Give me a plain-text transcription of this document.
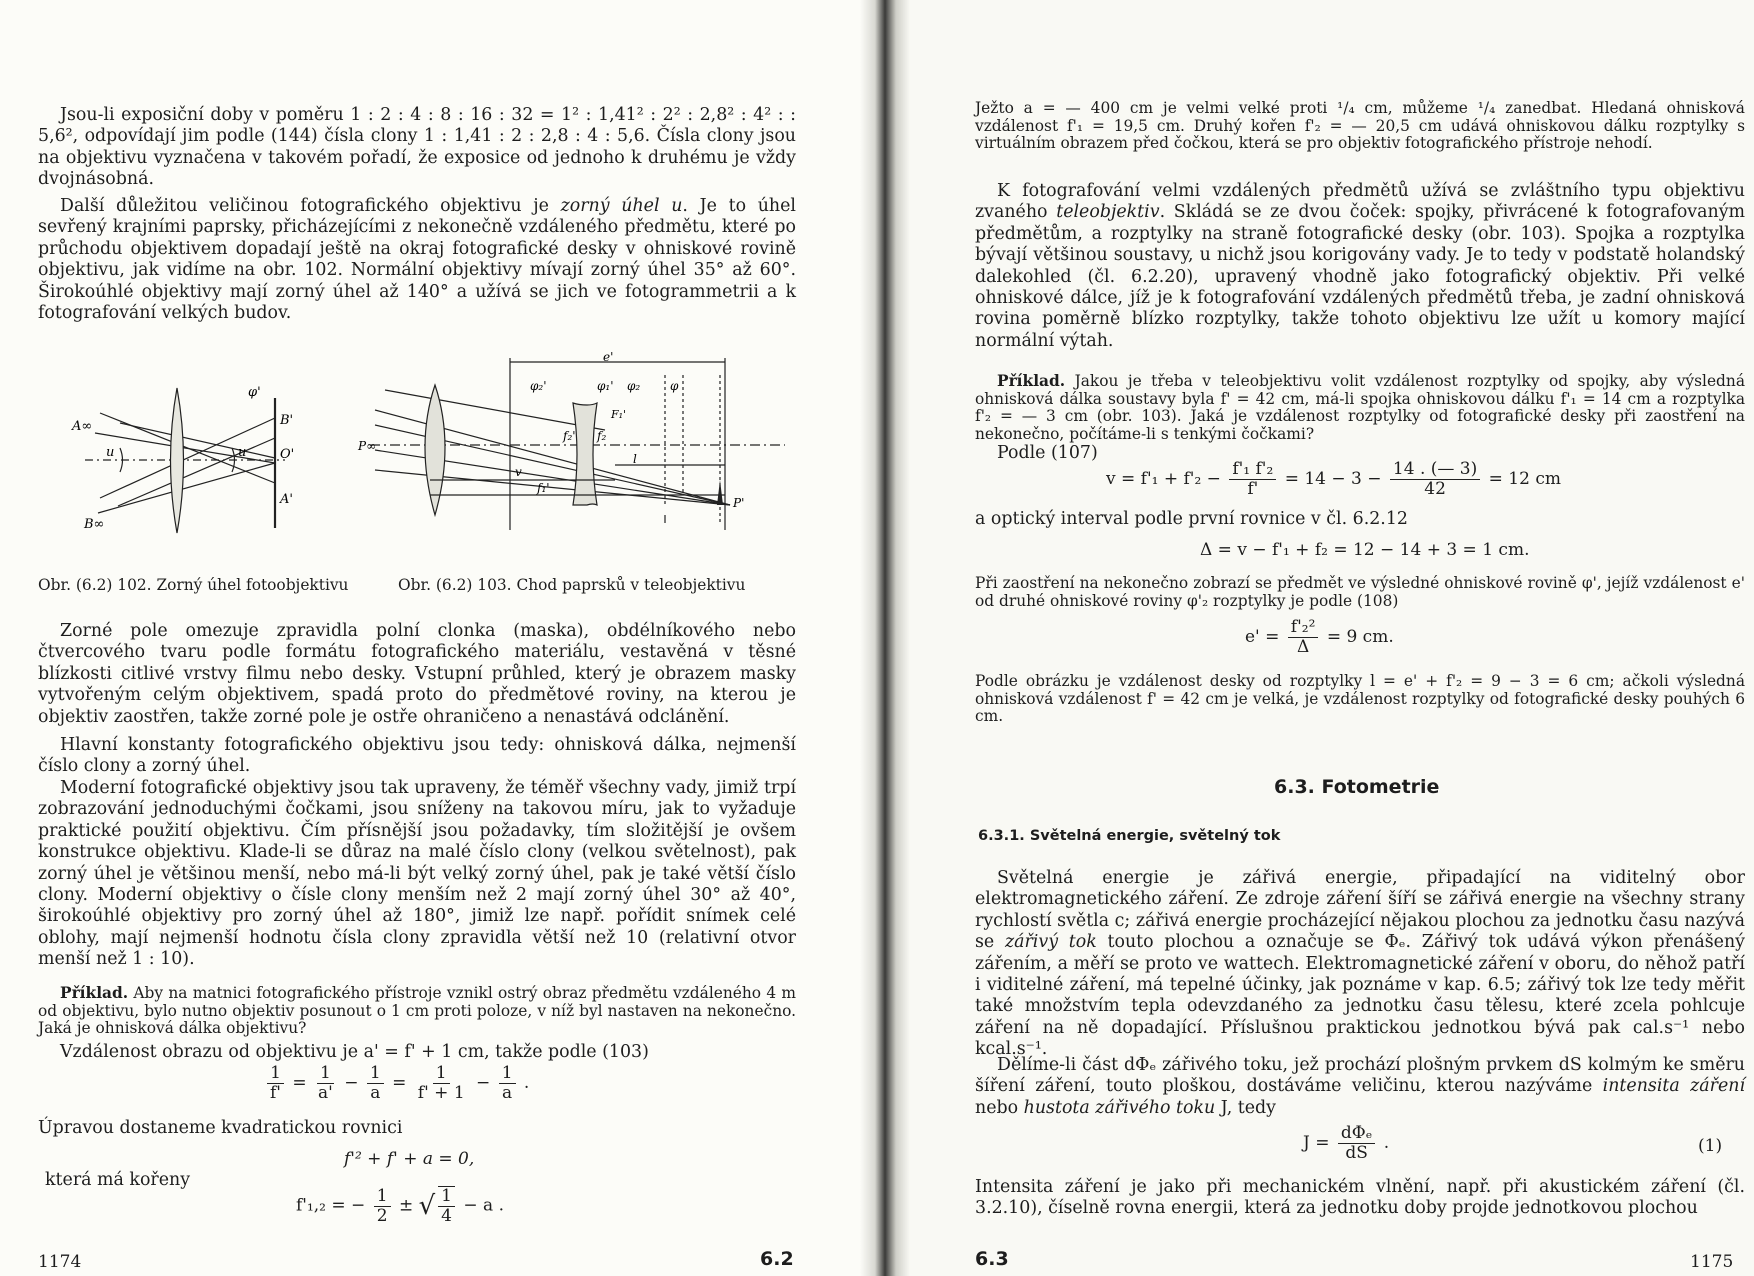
Jsou-li exposiční doby v poměru 1 : 2 : 4 : 8 : 16 : 32 = 1² : 1,41² : 2² : 2,8² : 4² : : 5,6², odpovídají jim podle (144) čísla clony 1 : 1,41 : 2 : 2,8 : 4 : 5,6. Čísla clony jsou na objektivu vyznačena v takovém pořadí, že exposice od jednoho k druhému je vždy dvojnásobná.

Další důležitou veličinou fotografického objektivu je zorný úhel u. Je to úhel sevřený krajními paprsky, přicházejícími z nekonečně vzdáleného předmětu, které po průchodu objektivem dopadají ještě na okraj fotografické desky v ohniskové rovině objektivu, jak vidíme na obr. 102. Normální objektivy mívají zorný úhel 35° až 60°. Širokoúhlé objektivy mají zorný úhel až 140° a užívá se jich ve fotogrammetrii a k fotografování velkých budov.

A∞
B∞
u	u
φ'
B'
O'
A'
P∞
e'
φ₂'	φ₁' φ₂ φ
f₂' f₂
F₁'
v
l
f₁'
P'
Obr. (6.2) 102. Zorný úhel fotoobjektivu	Obr. (6.2) 103. Chod paprsků v teleobjektivu

Zorné pole omezuje zpravidla polní clonka (maska), obdélníkového nebo čtvercového tvaru podle formátu fotografického materiálu, vestavěná v těsné blízkosti citlivé vrstvy filmu nebo desky. Vstupní průhled, který je obrazem masky vytvořeným celým objektivem, spadá proto do předmětové roviny, na kterou je objektiv zaostřen, takže zorné pole je ostře ohraničeno a nenastává odclánění.

Hlavní konstanty fotografického objektivu jsou tedy: ohnisková dálka, nejmenší číslo clony a zorný úhel.

Moderní fotografické objektivy jsou tak upraveny, že téměř všechny vady, jimiž trpí zobrazování jednoduchými čočkami, jsou sníženy na takovou míru, jak to vyžaduje praktické použití objektivu. Čím přísnější jsou požadavky, tím složitější je ovšem konstrukce objektivu. Klade-li se důraz na malé číslo clony (velkou světelnost), pak zorný úhel je většinou menší, nebo má-li být velký zorný úhel, pak je také větší číslo clony. Moderní objektivy o čísle clony menším než 2 mají zorný úhel 30° až 40°, širokoúhlé objektivy pro zorný úhel až 180°, jimiž lze např. pořídit snímek celé oblohy, mají nejmenší hodnotu čísla clony zpravidla větší než 10 (relativní otvor menší než 1 : 10).

Příklad. Aby na matnici fotografického přístroje vznikl ostrý obraz předmětu vzdáleného 4 m od objektivu, bylo nutno objektiv posunout o 1 cm proti poloze, v níž byl nastaven na nekonečno. Jaká je ohnisková dálka objektivu?

Vzdálenost obrazu od objektivu je a' = f' + 1 cm, takže podle (103)

$\frac{1}{f'} = \frac{1}{a'} - \frac{1}{a} = \frac{1}{f' + 1} - \frac{1}{a}$ .

Úpravou dostaneme kvadratickou rovnici

f'² + f' + a = 0,

která má kořeny

f'₁,₂ = − $\frac{1}{2}$ ± √ $\frac{1}{4} - a$ .
1174	6.2

Ježto a = — 400 cm je velmi velké proti ¹/₄ cm, můžeme ¹/₄ zanedbat. Hledaná ohnisková vzdálenost f'₁ = 19,5 cm. Druhý kořen f'₂ = — 20,5 cm udává ohniskovou dálku rozptylky s virtuálním obrazem před čočkou, která se pro objektiv fotografického přístroje nehodí.

K fotografování velmi vzdálených předmětů užívá se zvláštního typu objektivu zvaného teleobjektiv. Skládá se ze dvou čoček: spojky, přivrácené k fotografovaným předmětům, a rozptylky na straně fotografické desky (obr. 103). Spojka a rozptylka bývají většinou soustavy, u nichž jsou korigovány vady. Je to tedy v podstatě holandský dalekohled (čl. 6.2.20), upravený vhodně jako fotografický objektiv. Při velké ohniskové dálce, jíž je k fotografování vzdálených předmětů třeba, je zadní ohnisková rovina poměrně blízko rozptylky, takže tohoto objektivu lze užít u komory mající normální výtah.

Příklad. Jakou je třeba v teleobjektivu volit vzdálenost rozptylky od spojky, aby výsledná ohnisková dálka soustavy byla f' = 42 cm, má-li spojka ohniskovou dálku f'₁ = 14 cm a rozptylka f'₂ = — 3 cm (obr. 103). Jaká je vzdálenost rozptylky od fotografické desky při zaostření na nekonečno, počítáme-li s tenkými čočkami?

Podle (107)

$v = f'_1 + f'_2 - \frac{\text{f'₁ f'₂}}{f'} = 14 - 3 - \frac{14 . (— 3)}{42} = 12$ cm

a optický interval podle první rovnice v čl. 6.2.12

Δ = v − f'₁ + f₂ = 12 − 14 + 3 = 1 cm.

Při zaostření na nekonečno zobrazí se předmět ve výsledné ohniskové rovině φ', jejíž vzdálenost e' od druhé ohniskové roviny φ'₂ rozptylky je podle (108)

$e' = \frac{\text{f'₂²}}{\Delta} = 9$ cm.

Podle obrázku je vzdálenost desky od rozptylky l = e' + f'₂ = 9 − 3 = 6 cm; ačkoli výsledná ohnisková vzdálenost f' = 42 cm je velká, je vzdálenost rozptylky od fotografické desky pouhých 6 cm.

6.3. Fotometrie
6.3.1. Světelná energie, světelný tok

Světelná energie je zářivá energie, připadající na viditelný obor elektromagnetického záření. Ze zdroje záření šíří se zářivá energie na všechny strany rychlostí světla c; zářivá energie procházející nějakou plochou za jednotku času nazývá se zářivý tok touto plochou a označuje se Φₑ. Zářivý tok udává výkon přenášený zářením, a měří se proto ve wattech. Elektromagnetické záření v oboru, do něhož patří i viditelné záření, má tepelné účinky, jak poznáme v kap. 6.5; zářivý tok lze tedy měřit také množstvím tepla odevzdaného za jednotku času tělesu, které zcela pohlcuje záření na ně dopadající. Příslušnou praktickou jednotkou bývá pak cal.s⁻¹ nebo kcal.s⁻¹.

Dělíme-li část dΦₑ zářivého toku, jež prochází plošným prvkem dS kolmým ke směru šíření záření, touto ploškou, dostáváme veličinu, kterou nazýváme intensita záření nebo hustota zářivého toku J, tedy

$J = \frac{\text{dΦₑ}}{dS}$ .	(1)

Intensita záření je jako při mechanickém vlnění, např. při akustickém záření (čl. 3.2.10), číselně rovna energii, která za jednotku doby projde jednotkovou plochou

6.3	1175
